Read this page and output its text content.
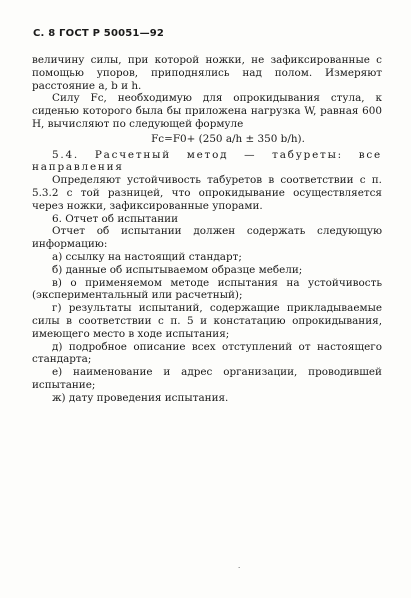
С. 8 ГОСТ Р 50051—92

величину силы, при которой ножки, не зафиксированные с помощью упоров, приподнялись над полом. Измеряют расстояние a, b и h.

Силу Fс, необходимую для опрокидывания стула, к сиденью которого была бы приложена нагрузка W, равная 600 Н, вычисляют по следующей формуле

Fс=F0+ (250 a/h ± 350 b/h).

5.4. Расчетный метод — табуреты: все направления

Определяют устойчивость табуретов в соответствии с п. 5.3.2 с той разницей, что опрокидывание осуществляется через ножки, зафиксированные упорами.

6. Отчет об испытании

Отчет об испытании должен содержать следующую информацию:

а) ссылку на настоящий стандарт;

б) данные об испытываемом образце мебели;

в) о применяемом методе испытания на устойчивость (экспериментальный или расчетный);

г) результаты испытаний, содержащие прикладываемые силы в соответствии с п. 5 и констатацию опрокидывания, имеющего место в ходе испытания;

д) подробное описание всех отступлений от настоящего стандарта;

е) наименование и адрес организации, проводившей испытание;

ж) дату проведения испытания.

.
